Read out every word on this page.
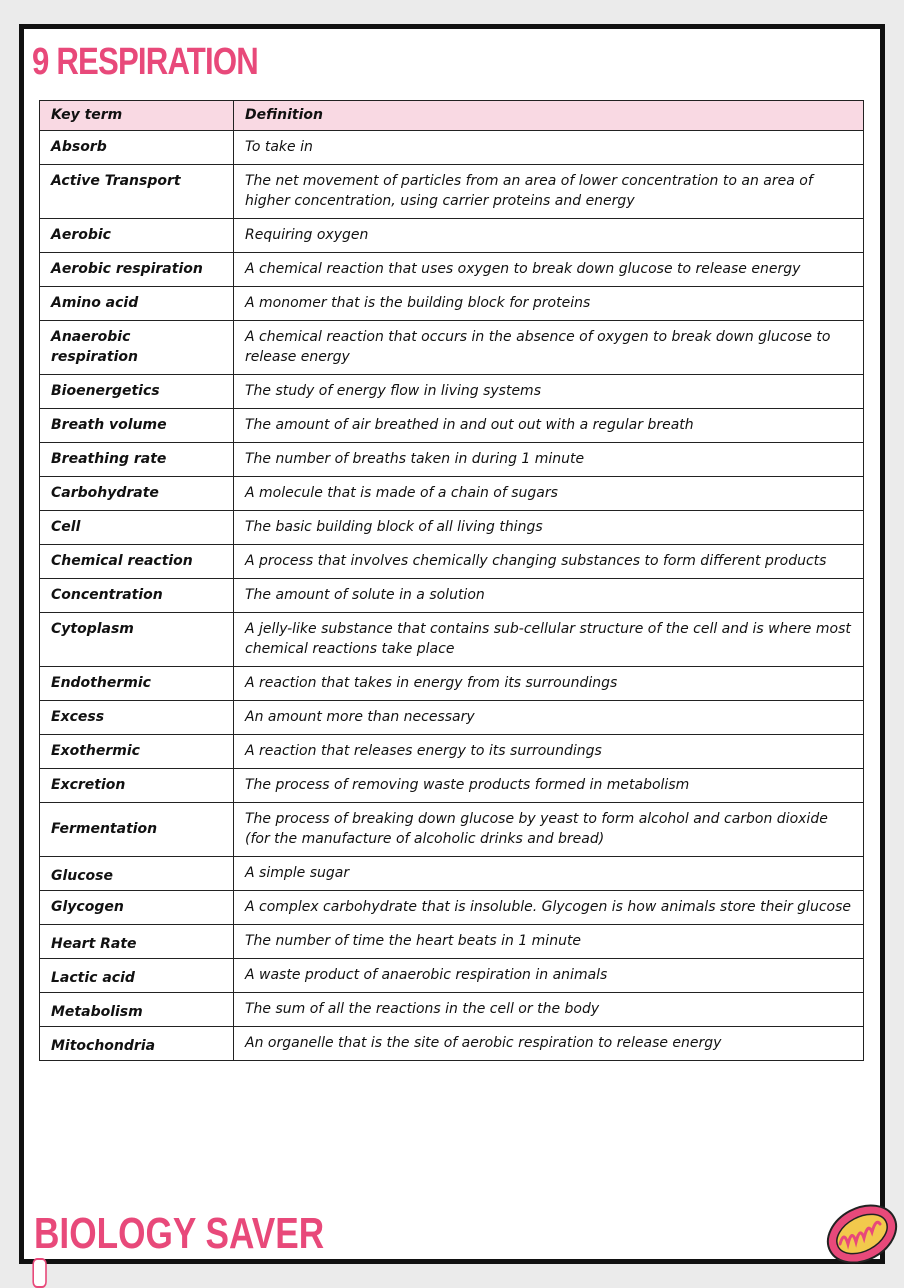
9 RESPIRATION
Key term	Definition
Absorb	To take in
Active Transport	The net movement of particles from an area of lower concentration to an area of higher concentration, using carrier proteins and energy
Aerobic	Requiring oxygen
Aerobic respiration	A chemical reaction that uses oxygen to break down glucose to release energy
Amino acid	A monomer that is the building block for proteins
Anaerobic respiration	A chemical reaction that occurs in the absence of oxygen to break down glucose to release energy
Bioenergetics	The study of energy flow in living systems
Breath volume	The amount of air breathed in and out out with a regular breath
Breathing rate	The number of breaths taken in during 1 minute
Carbohydrate	A molecule that is made of a chain of sugars
Cell	The basic building block of all living things
Chemical reaction	A process that involves chemically changing substances to form different products
Concentration	The amount of solute in a solution
Cytoplasm	A jelly-like substance that contains sub-cellular structure of the cell and is where most chemical reactions take place
Endothermic	A reaction that takes in energy from its surroundings
Excess	An amount more than necessary
Exothermic	A reaction that releases energy to its surroundings
Excretion	The process of removing waste products formed in metabolism
Fermentation	The process of breaking down glucose by yeast to form alcohol and carbon dioxide (for the manufacture of alcoholic drinks and bread)
Glucose	A simple sugar
Glycogen	A complex carbohydrate that is insoluble. Glycogen is how animals store their glucose
Heart Rate	The number of time the heart beats in 1 minute
Lactic acid	A waste product of anaerobic respiration in animals
Metabolism	The sum of all the reactions in the cell or the body
Mitochondria	An organelle that is the site of aerobic respiration to release energy
BIOLOGY SAVER
